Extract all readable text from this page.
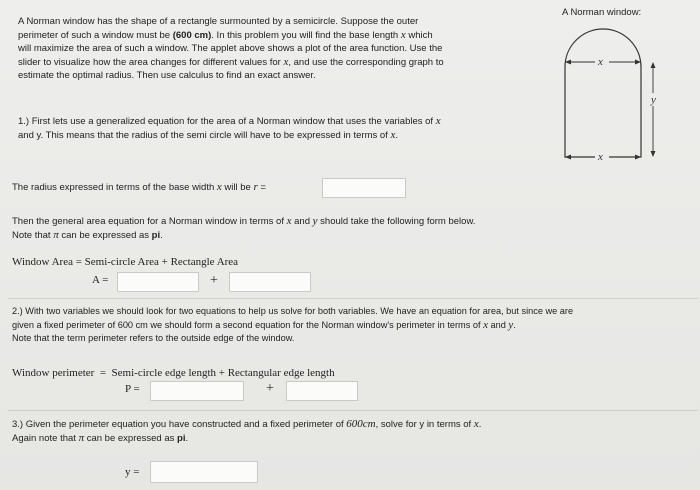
A Norman window has the shape of a rectangle surmounted by a semicircle. Suppose the outer
perimeter of such a window must be (600 cm). In this problem you will find the base length x which
will maximize the area of such a window. The applet above shows a plot of the area function. Use the
slider to visualize how the area changes for different values for x, and use the corresponding graph to
estimate the optimal radius. Then use calculus to find an exact answer.
A Norman window:
x
x
y
1.) First lets use a generalized equation for the area of a Norman window that uses the variables of x
and y. This means that the radius of the semi circle will have to be expressed in terms of x.
The radius expressed in terms of the base width x will be r =
Then the general area equation for a Norman window in terms of x and y should take the following form below.
Note that π can be expressed as pi.
Window Area = Semi-circle Area + Rectangle Area
A =	+
2.) With two variables we should look for two equations to help us solve for both variables. We have an equation for area, but since we are
given a fixed perimeter of 600 cm we should form a second equation for the Norman window's perimeter in terms of x and y.
Note that the term perimeter refers to the outside edge of the window.
Window perimeter  =  Semi-circle edge length + Rectangular edge length
P =	+
3.) Given the perimeter equation you have constructed and a fixed perimeter of 600cm, solve for y in terms of x.
Again note that π can be expressed as pi.
y =
